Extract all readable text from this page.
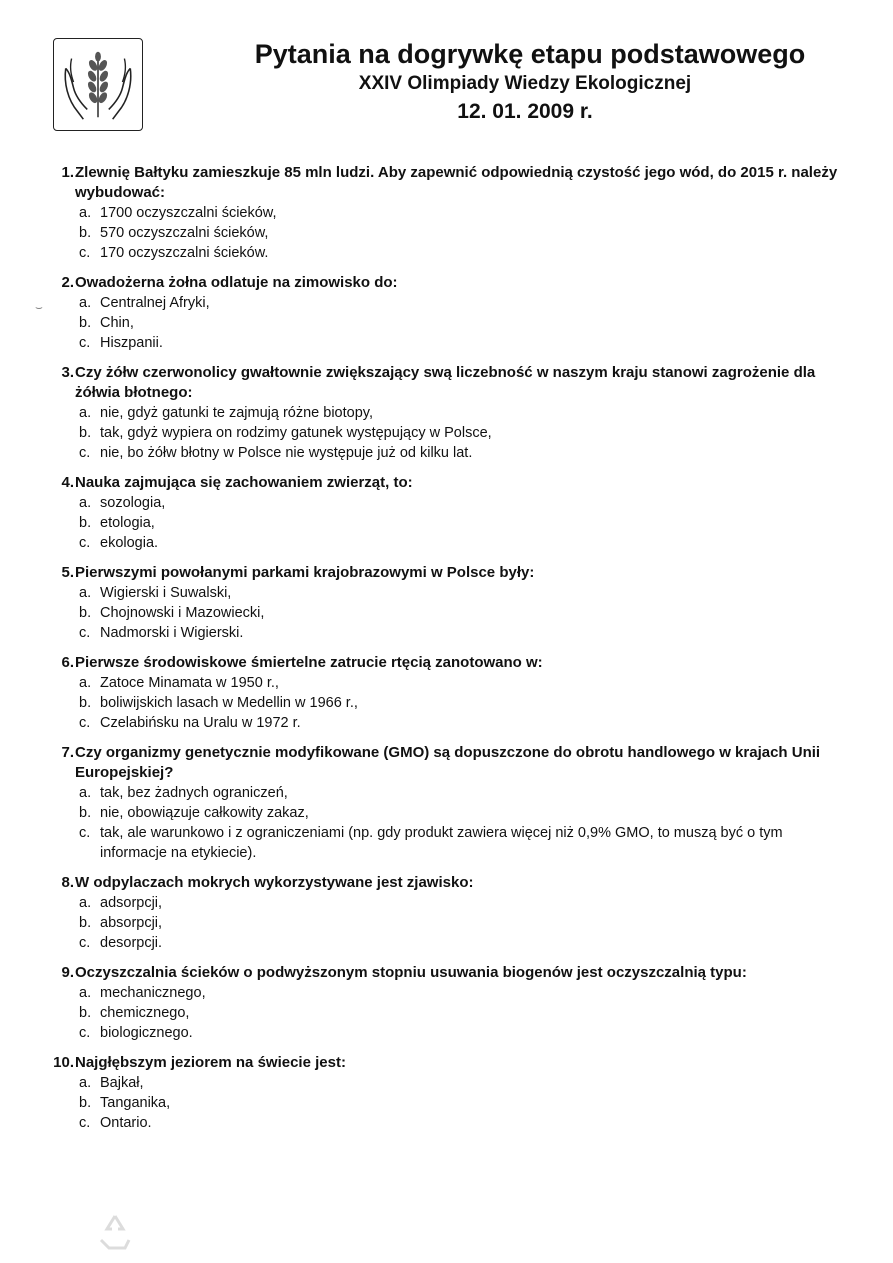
Pytania na dogrywkę etapu podstawowego
XXIV Olimpiady Wiedzy Ekologicznej
12. 01. 2009 r.
⌣
1. Zlewnię Bałtyku zamieszkuje 85 mln ludzi. Aby zapewnić odpowiednią czystość jego wód, do 2015 r. należy wybudować:
a. 1700 oczyszczalni ścieków,
b. 570 oczyszczalni ścieków,
c. 170 oczyszczalni ścieków.
2. Owadożerna żołna odlatuje na zimowisko do:
a. Centralnej Afryki,
b. Chin,
c. Hiszpanii.
3. Czy żółw czerwonolicy gwałtownie zwiększający swą liczebność w naszym kraju stanowi zagrożenie dla żółwia błotnego:
a. nie, gdyż gatunki te zajmują różne biotopy,
b. tak, gdyż wypiera on rodzimy gatunek występujący w Polsce,
c. nie, bo żółw błotny w Polsce nie występuje już od kilku lat.
4. Nauka zajmująca się zachowaniem zwierząt, to:
a. sozologia,
b. etologia,
c. ekologia.
5. Pierwszymi powołanymi parkami krajobrazowymi w Polsce były:
a. Wigierski i Suwalski,
b. Chojnowski i Mazowiecki,
c. Nadmorski i Wigierski.
6. Pierwsze środowiskowe śmiertelne zatrucie rtęcią zanotowano w:
a. Zatoce Minamata w 1950 r.,
b. boliwijskich lasach w Medellin w 1966 r.,
c. Czelabińsku na Uralu w 1972 r.
7. Czy organizmy genetycznie modyfikowane (GMO) są dopuszczone do obrotu handlowego w krajach Unii Europejskiej?
a. tak, bez żadnych ograniczeń,
b. nie, obowiązuje całkowity zakaz,
c. tak, ale warunkowo i z ograniczeniami (np. gdy produkt zawiera więcej niż 0,9% GMO, to muszą być o tym informacje na etykiecie).
8. W odpylaczach mokrych wykorzystywane jest zjawisko:
a. adsorpcji,
b. absorpcji,
c. desorpcji.
9. Oczyszczalnia ścieków o podwyższonym stopniu usuwania biogenów jest oczyszczalnią typu:
a. mechanicznego,
b. chemicznego,
c. biologicznego.
10. Najgłębszym jeziorem na świecie jest:
a. Bajkał,
b. Tanganika,
c. Ontario.
